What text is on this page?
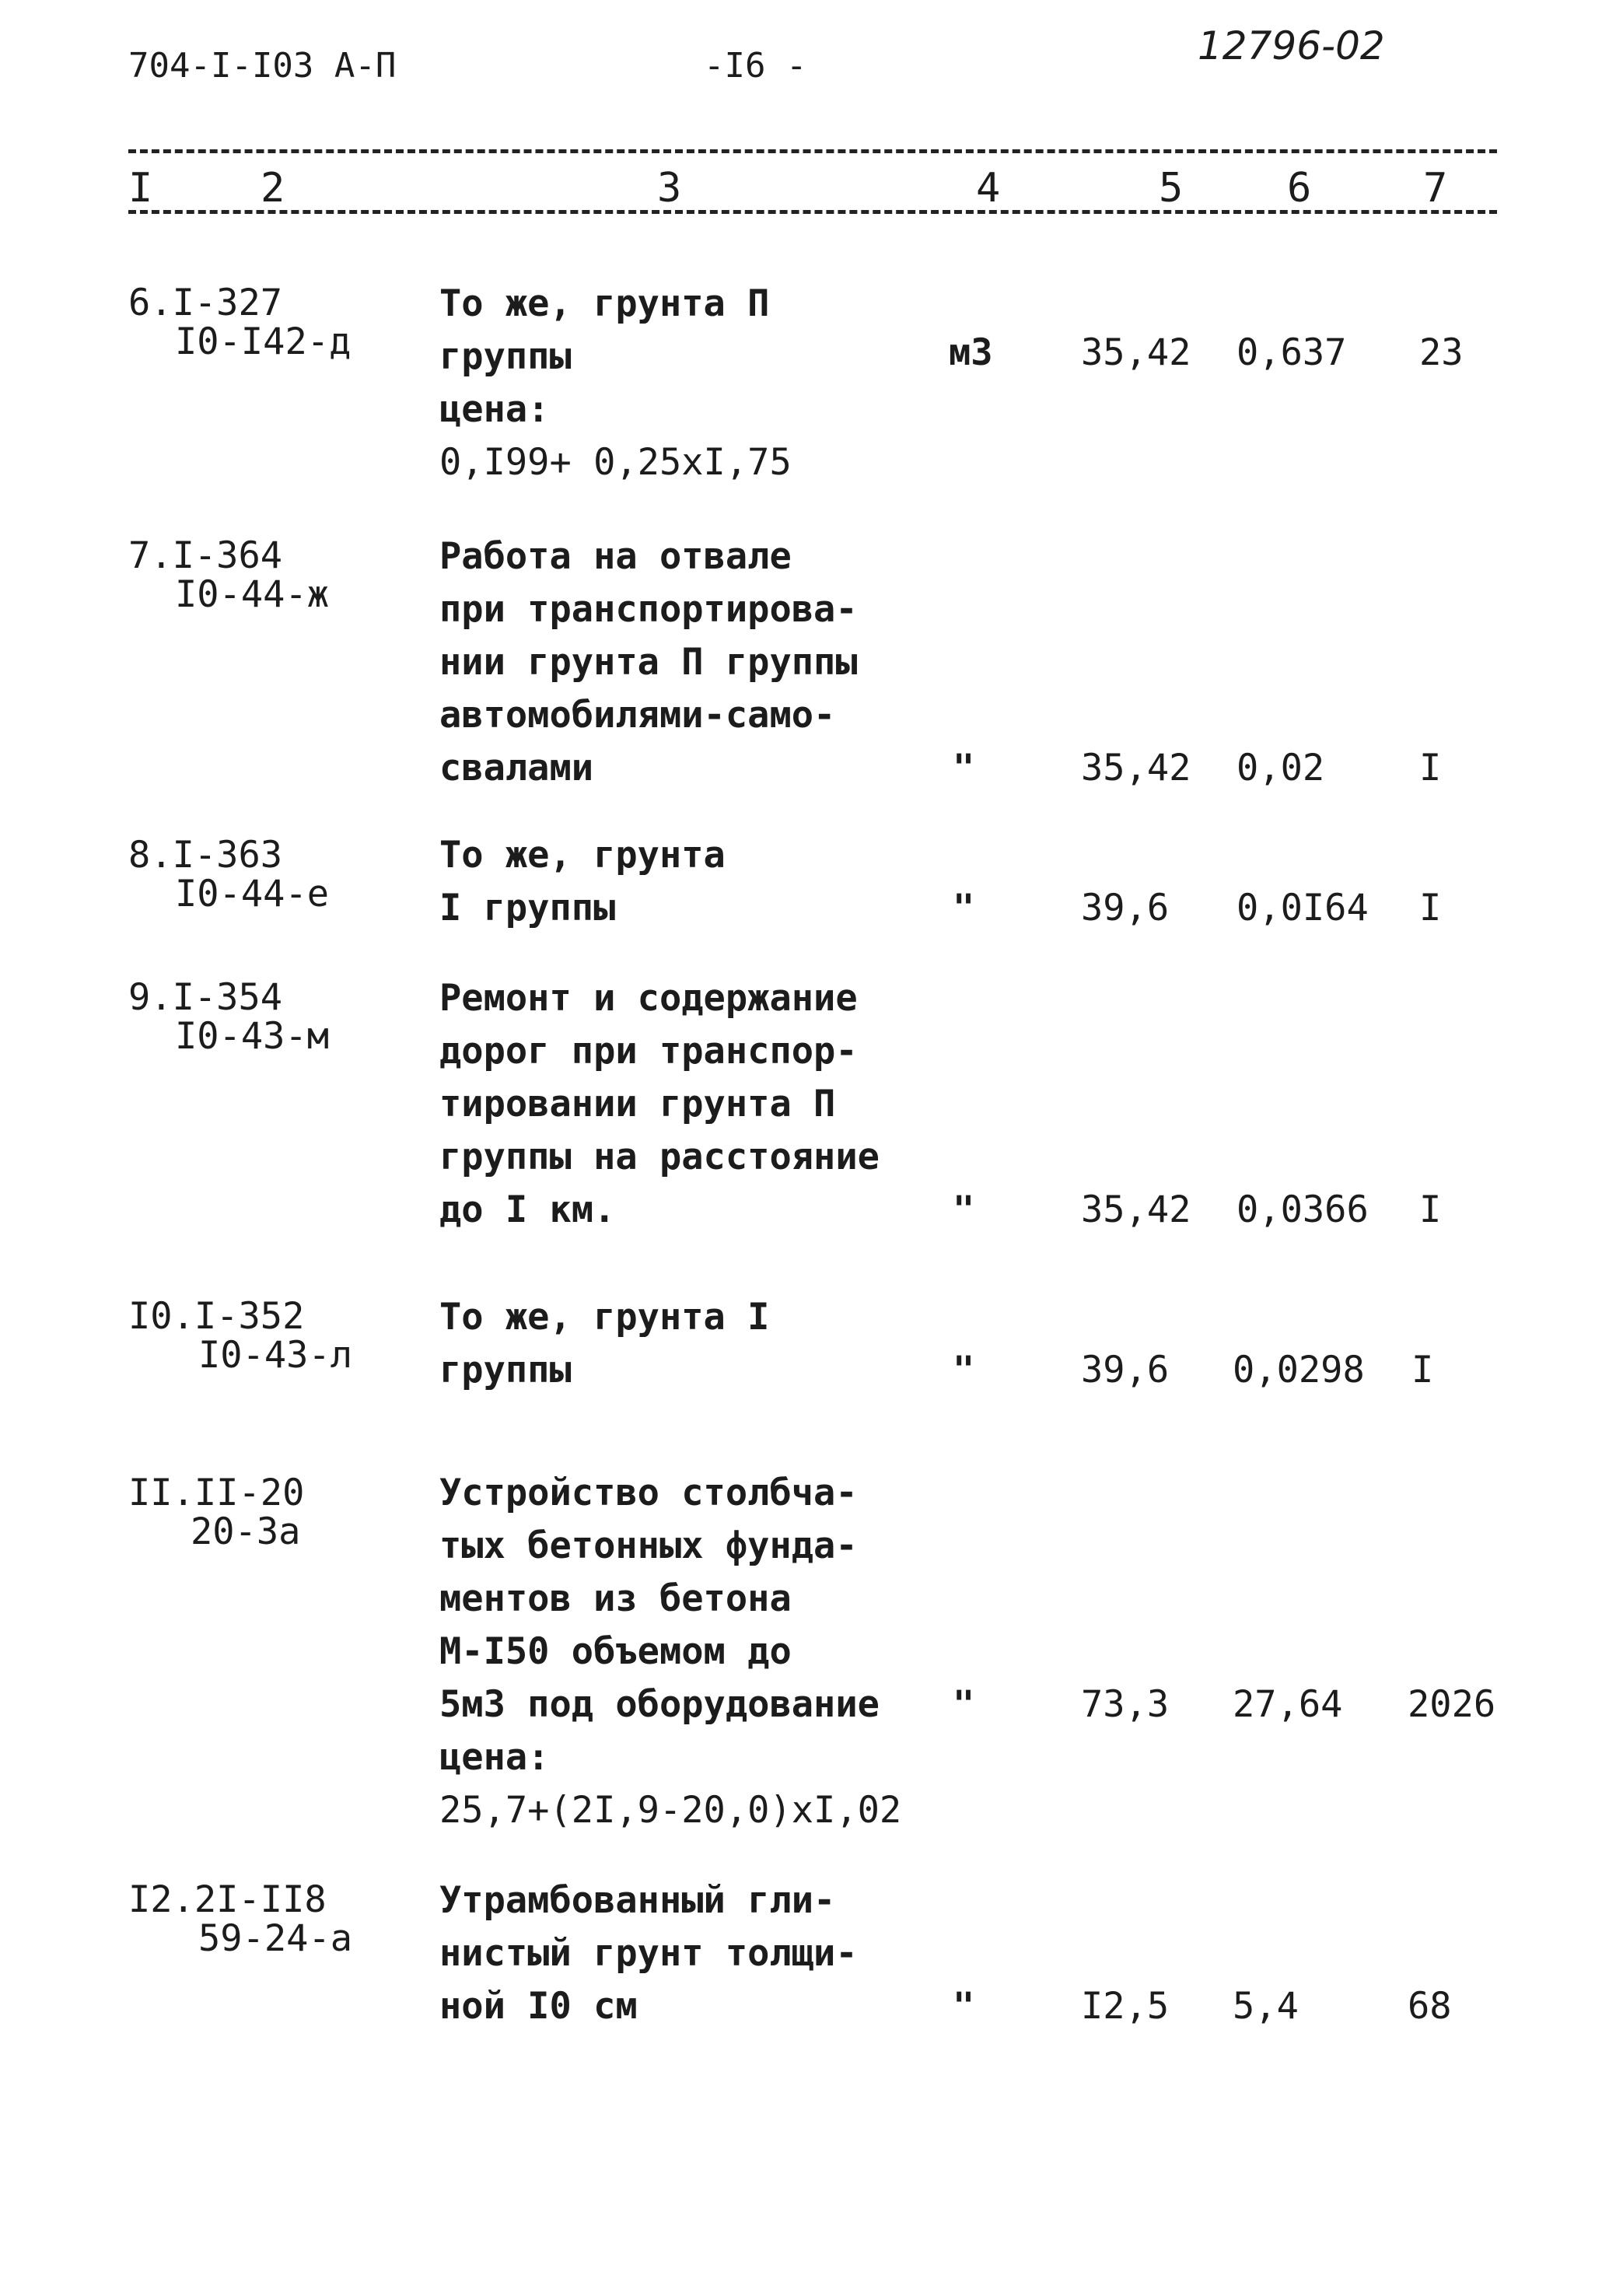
704-I-I03 А-П	-I6 -	12796-02
I	2	3	4	5	6	7
6.I-327
I0-I42-д
То же, грунта П
группы
цена:
0,I99+ 0,25xI,75
м3 35,42 0,637 23
7.I-364
I0-44-ж
Работа на отвале
при транспортирова-
нии грунта П группы
автомобилями-само-
свалами	"	35,42 0,02	I
8.I-363
I0-44-е
То же, грунта
I группы	"	39,6 0,0I64 I
9.I-354
I0-43-м
Ремонт и содержание
дорог при транспор-
тировании грунта П
группы на расстояние
до I км.	"	35,42 0,0366 I
I0.I-352
I0-43-л
То же, грунта I
группы	"	39,6 0,0298 I
II.II-20
20-3а
Устройство столбча-
тых бетонных фунда-
ментов из бетона
М-I50 объемом до
5м3 под оборудование
цена:
25,7+(2I,9-20,0)xI,02
"	73,3 27,64 2026
I2.2I-II8
59-24-а
Утрамбованный гли-
нистый грунт толщи-
ной I0 см	"	I2,5 5,4	68
